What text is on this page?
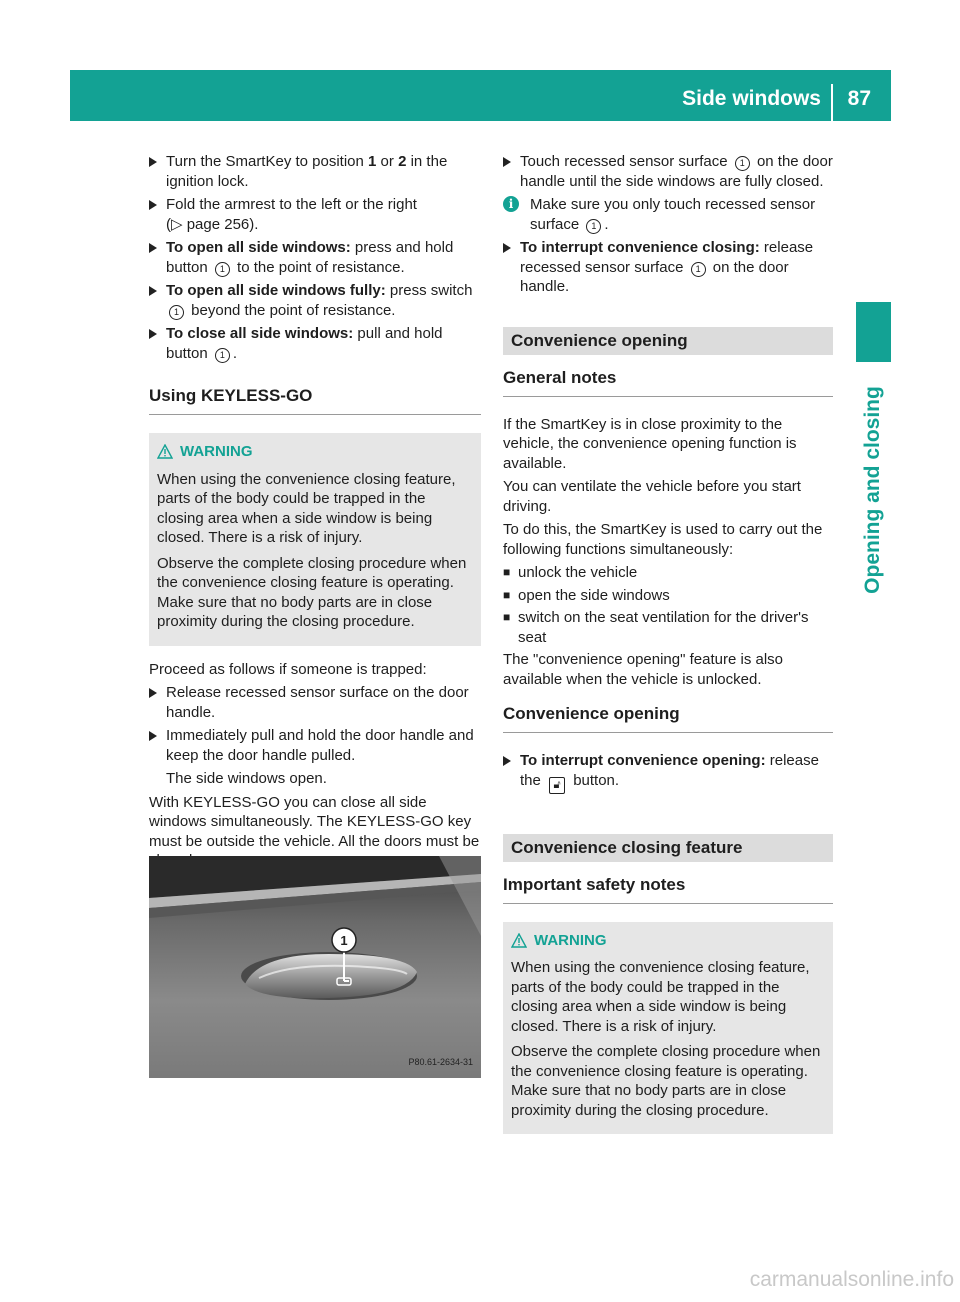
Side windows 87
Opening and closing
Turn the SmartKey to position 1 or 2 in the ignition lock.
Fold the armrest to the left or the right
(▷ page 256).
To open all side windows: press and hold button 1 to the point of resistance.
To open all side windows fully: press switch 1 beyond the point of resistance.
To close all side windows: pull and hold button 1 .
Using KEYLESS-GO
WARNING
When using the convenience closing feature, parts of the body could be trapped in the closing area when a side window is being closed. There is a risk of injury.
Observe the complete closing procedure when the convenience closing feature is operating. Make sure that no body parts are in close proximity during the closing procedure.
Proceed as follows if someone is trapped:
Release recessed sensor surface on the door handle.
Immediately pull and hold the door handle and keep the door handle pulled.
The side windows open.
With KEYLESS-GO you can close all side windows simultaneously. The KEYLESS-GO key must be outside the vehicle. All the doors must be
1
P80.61-2634-31
Touch recessed sensor surface 1 on the door handle until the side windows are fully closed.
i	Make sure you only touch recessed sensor surface 1 .
To interrupt convenience closing: release recessed sensor surface 1 on the door handle.
Convenience opening
General notes
If the SmartKey is in close proximity to the vehicle, the convenience opening function is available.
You can ventilate the vehicle before you start driving.
To do this, the SmartKey is used to carry out the following functions simultaneously:
■ unlock the vehicle
■ open the side windows
■ switch on the seat ventilation for the driver's seat
The "convenience opening" feature is also available when the vehicle is unlocked.
Convenience opening
To interrupt convenience opening: release the 🔓︎ button.
Convenience closing feature
Important safety notes
WARNING
When using the convenience closing feature, parts of the body could be trapped in the closing area when a side window is being closed. There is a risk of injury.
Observe the complete closing procedure when the convenience closing feature is operating. Make sure that no body parts are in close proximity during the closing procedure.
carmanualsonline.info
